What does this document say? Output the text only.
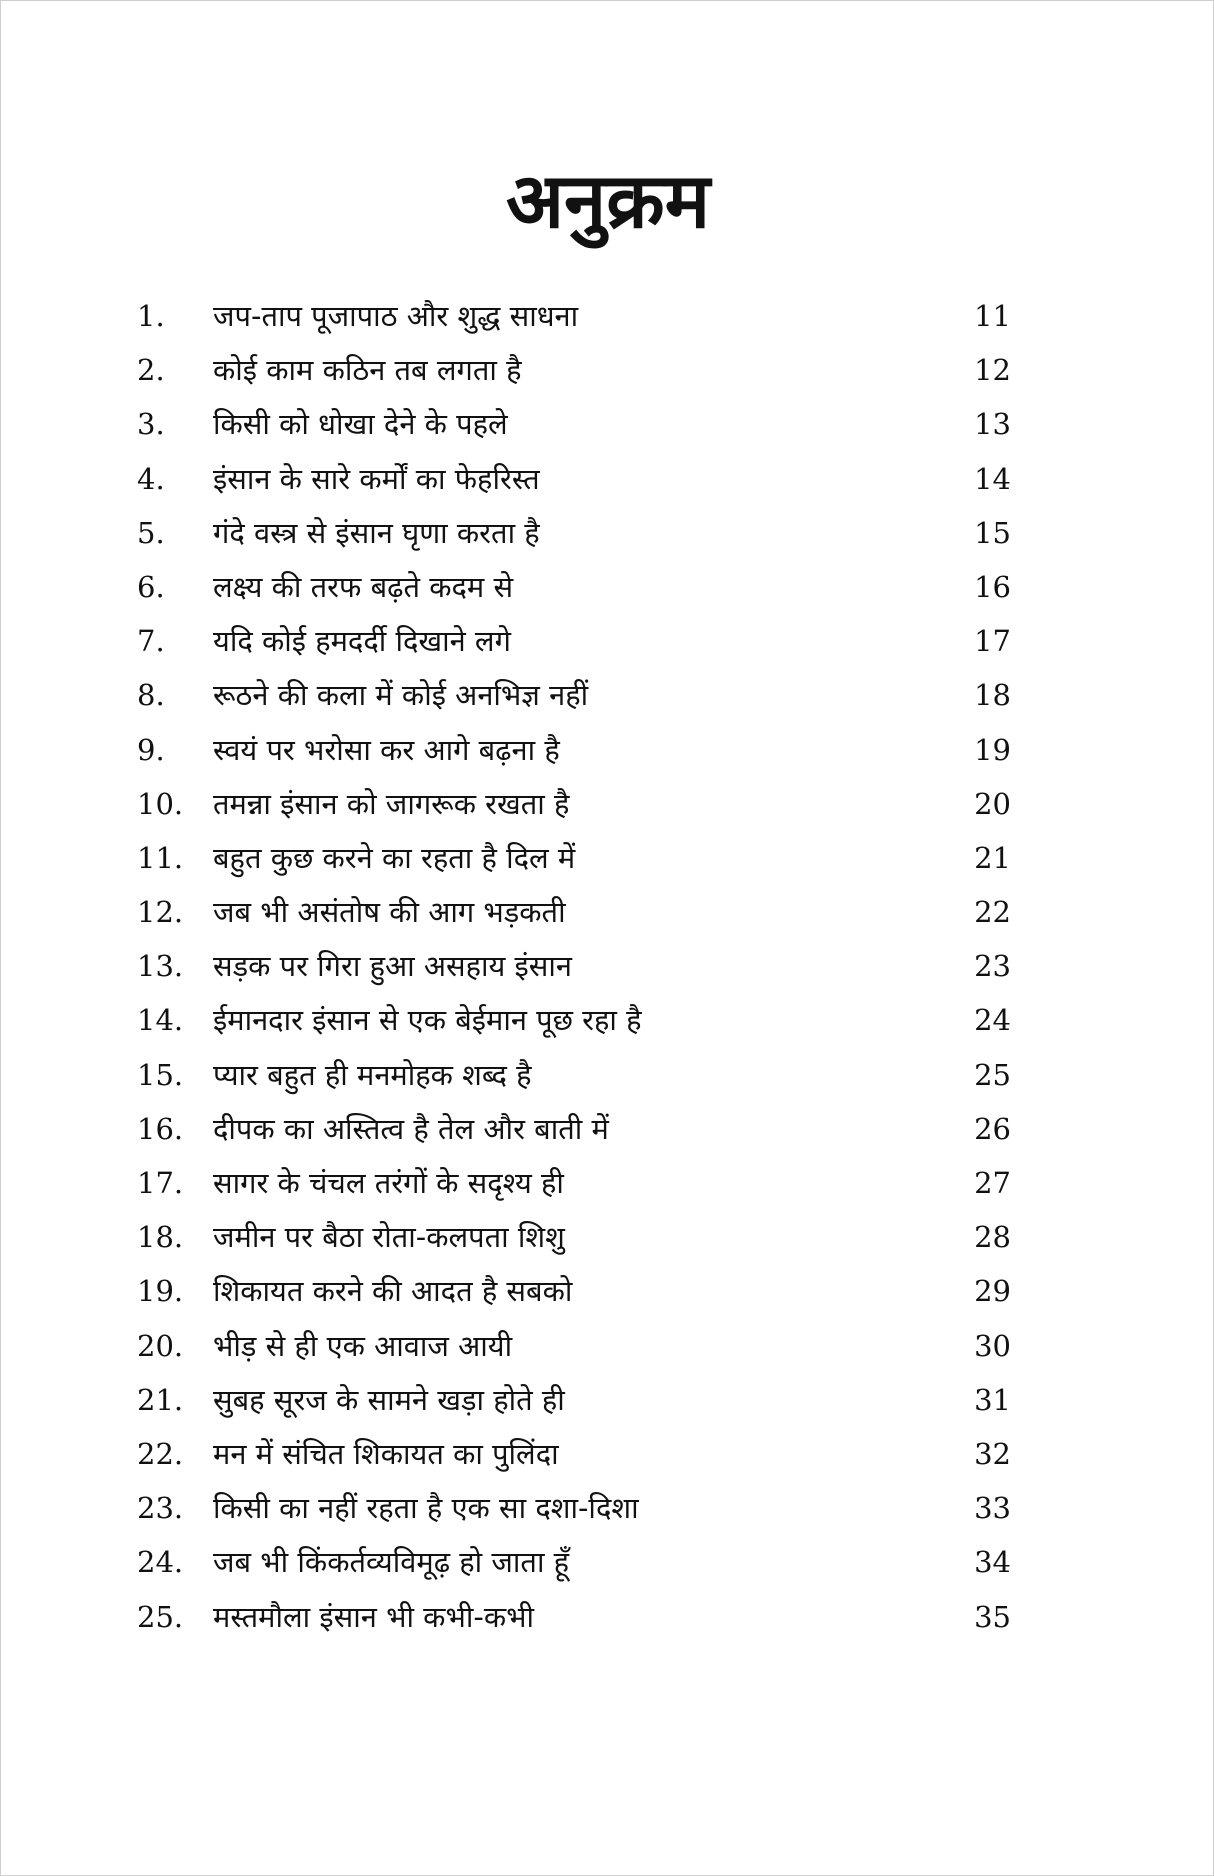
अनुक्रम
1. जप-ताप पूजापाठ और शुद्ध साधना	11
2. कोई काम कठिन तब लगता है	12
3. किसी को धोखा देने के पहले	13
4. इंसान के सारे कर्मों का फेहरिस्त	14
5. गंदे वस्त्र से इंसान घृणा करता है	15
6. लक्ष्य की तरफ बढ़ते कदम से	16
7. यदि कोई हमदर्दी दिखाने लगे	17
8. रूठने की कला में कोई अनभिज्ञ नहीं	18
9. स्वयं पर भरोसा कर आगे बढ़ना है	19
10. तमन्ना इंसान को जागरूक रखता है	20
11. बहुत कुछ करने का रहता है दिल में	21
12. जब भी असंतोष की आग भड़कती	22
13. सड़क पर गिरा हुआ असहाय इंसान	23
14. ईमानदार इंसान से एक बेईमान पूछ रहा है	24
15. प्यार बहुत ही मनमोहक शब्द है	25
16. दीपक का अस्तित्व है तेल और बाती में	26
17. सागर के चंचल तरंगों के सदृश्य ही	27
18. जमीन पर बैठा रोता-कलपता शिशु	28
19. शिकायत करने की आदत है सबको	29
20. भीड़ से ही एक आवाज आयी	30
21. सुबह सूरज के सामने खड़ा होते ही	31
22. मन में संचित शिकायत का पुलिंदा	32
23. किसी का नहीं रहता है एक सा दशा-दिशा	33
24. जब भी किंकर्तव्यविमूढ़ हो जाता हूँ	34
25. मस्तमौला इंसान भी कभी-कभी	35
